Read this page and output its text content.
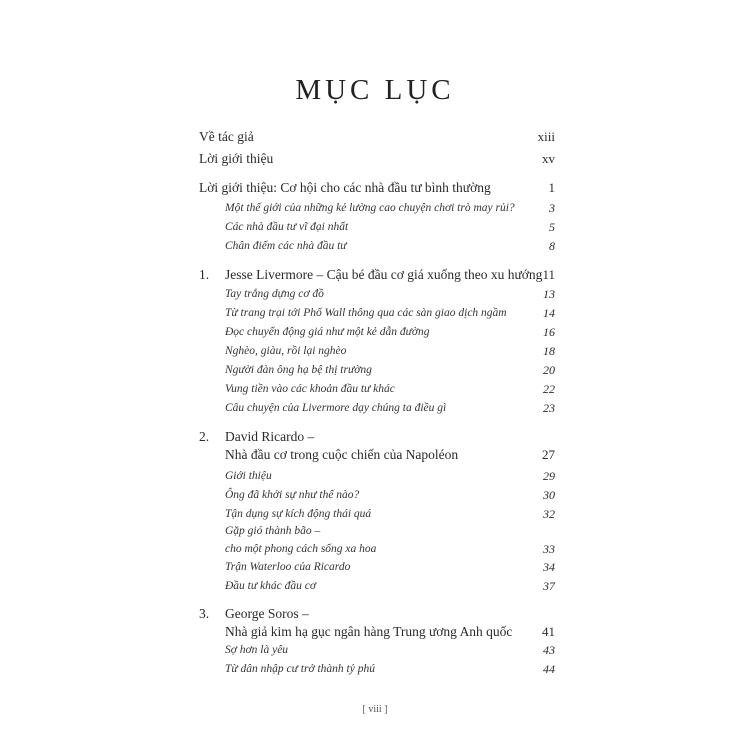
MỤC LỤC
Về tác giả	xiii
Lời giới thiệu	xv
Lời giới thiệu: Cơ hội cho các nhà đầu tư bình thường	1
Một thế giới của những kẻ lường cao chuyện chơi trò may rủi?	3
Các nhà đầu tư vĩ đại nhất	5
Chân điểm các nhà đầu tư	8
1. Jesse Livermore – Cậu bé đầu cơ giá xuống theo xu hướng 11
Tay trắng dựng cơ đồ	13
Từ trang trại tới Phố Wall thông qua các sàn giao dịch ngầm	14
Đọc chuyển động giá như một kẻ dẫn đường	16
Nghèo, giàu, rồi lại nghèo	18
Người đàn ông hạ bệ thị trường	20
Vung tiền vào các khoản đầu tư khác	22
Câu chuyện của Livermore dạy chúng ta điều gì	23
2. David Ricardo –
Nhà đầu cơ trong cuộc chiến của Napoléon	27
Giới thiệu	29
Ông đã khởi sự như thế nào?	30
Tận dụng sự kích động thái quá	32
Gặp gió thành bão –
cho một phong cách sống xa hoa	33
Trận Waterloo của Ricardo	34
Đầu tư khác đầu cơ	37
3. George Soros –
Nhà giả kim hạ gục ngân hàng Trung ương Anh quốc 41
Sợ hơn là yêu	43
Từ dân nhập cư trở thành tỷ phú	44
[ viii ]
